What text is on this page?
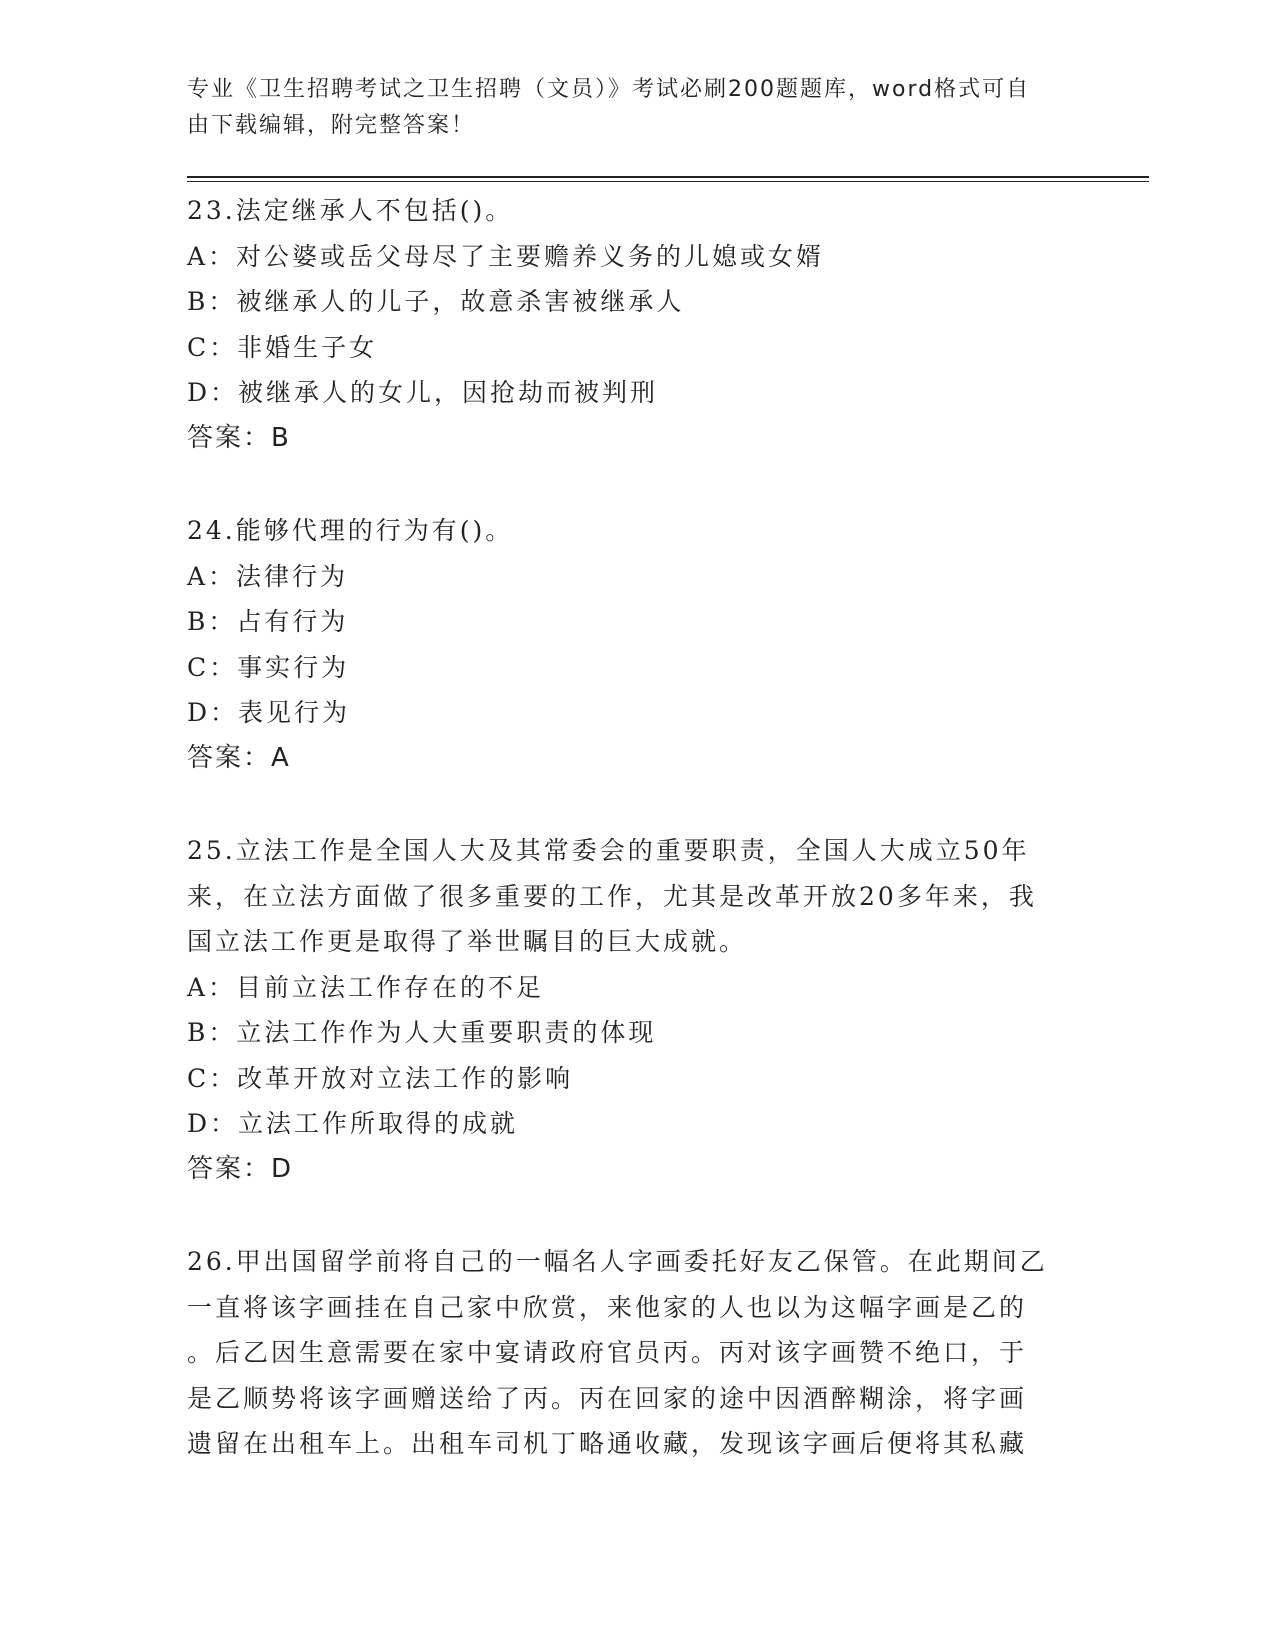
专业《卫生招聘考试之卫生招聘（文员）》考试必刷200题题库，word格式可自
由下载编辑，附完整答案！
23.法定继承人不包括()。
A：对公婆或岳父母尽了主要赡养义务的儿媳或女婿
B：被继承人的儿子，故意杀害被继承人
C：非婚生子女
D：被继承人的女儿，因抢劫而被判刑
答案：B
24.能够代理的行为有()。
A：法律行为
B：占有行为
C：事实行为
D：表见行为
答案：A
25.立法工作是全国人大及其常委会的重要职责，全国人大成立50年
来，在立法方面做了很多重要的工作，尤其是改革开放20多年来，我
国立法工作更是取得了举世瞩目的巨大成就。
A：目前立法工作存在的不足
B：立法工作作为人大重要职责的体现
C：改革开放对立法工作的影响
D：立法工作所取得的成就
答案：D
26.甲出国留学前将自己的一幅名人字画委托好友乙保管。在此期间乙
一直将该字画挂在自己家中欣赏，来他家的人也以为这幅字画是乙的
。后乙因生意需要在家中宴请政府官员丙。丙对该字画赞不绝口，于
是乙顺势将该字画赠送给了丙。丙在回家的途中因酒醉糊涂，将字画
遗留在出租车上。出租车司机丁略通收藏，发现该字画后便将其私藏
